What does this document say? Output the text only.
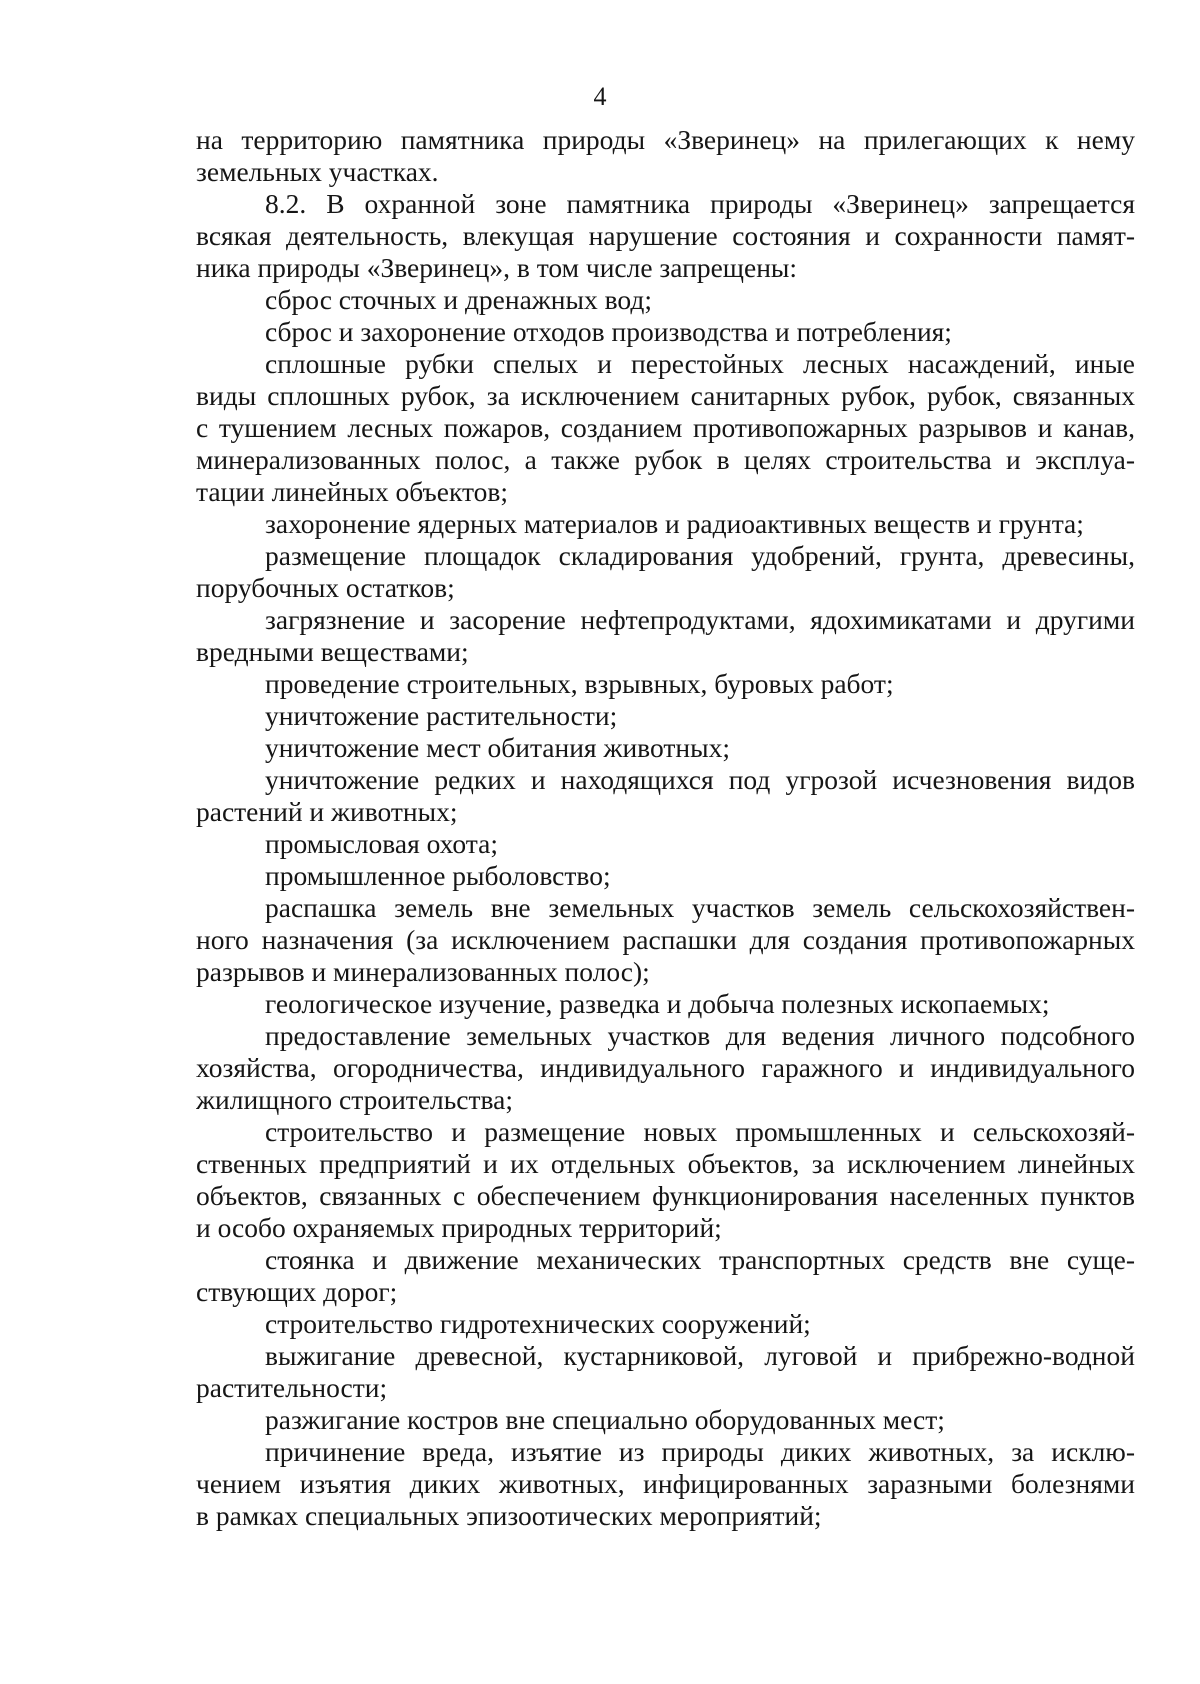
4
на территорию памятника природы «Зверинец» на прилегающих к нему
земельных участках.
8.2. В охранной зоне памятника природы «Зверинец» запрещается
всякая деятельность, влекущая нарушение состояния и сохранности памят-
ника природы «Зверинец», в том числе запрещены:
сброс сточных и дренажных вод;
сброс и захоронение отходов производства и потребления;
сплошные рубки спелых и перестойных лесных насаждений, иные
виды сплошных рубок, за исключением санитарных рубок, рубок, связанных
с тушением лесных пожаров, созданием противопожарных разрывов и канав,
минерализованных полос, а также рубок в целях строительства и эксплуа-
тации линейных объектов;
захоронение ядерных материалов и радиоактивных веществ и грунта;
размещение площадок складирования удобрений, грунта, древесины,
порубочных остатков;
загрязнение и засорение нефтепродуктами, ядохимикатами и другими
вредными веществами;
проведение строительных, взрывных, буровых работ;
уничтожение растительности;
уничтожение мест обитания животных;
уничтожение редких и находящихся под угрозой исчезновения видов
растений и животных;
промысловая охота;
промышленное рыболовство;
распашка земель вне земельных участков земель сельскохозяйствен-
ного назначения (за исключением распашки для создания противопожарных
разрывов и минерализованных полос);
геологическое изучение, разведка и добыча полезных ископаемых;
предоставление земельных участков для ведения личного подсобного
хозяйства, огородничества, индивидуального гаражного и индивидуального
жилищного строительства;
строительство и размещение новых промышленных и сельскохозяй-
ственных предприятий и их отдельных объектов, за исключением линейных
объектов, связанных с обеспечением функционирования населенных пунктов
и особо охраняемых природных территорий;
стоянка и движение механических транспортных средств вне суще-
ствующих дорог;
строительство гидротехнических сооружений;
выжигание древесной, кустарниковой, луговой и прибрежно-водной
растительности;
разжигание костров вне специально оборудованных мест;
причинение вреда, изъятие из природы диких животных, за исклю-
чением изъятия диких животных, инфицированных заразными болезнями
в рамках специальных эпизоотических мероприятий;
